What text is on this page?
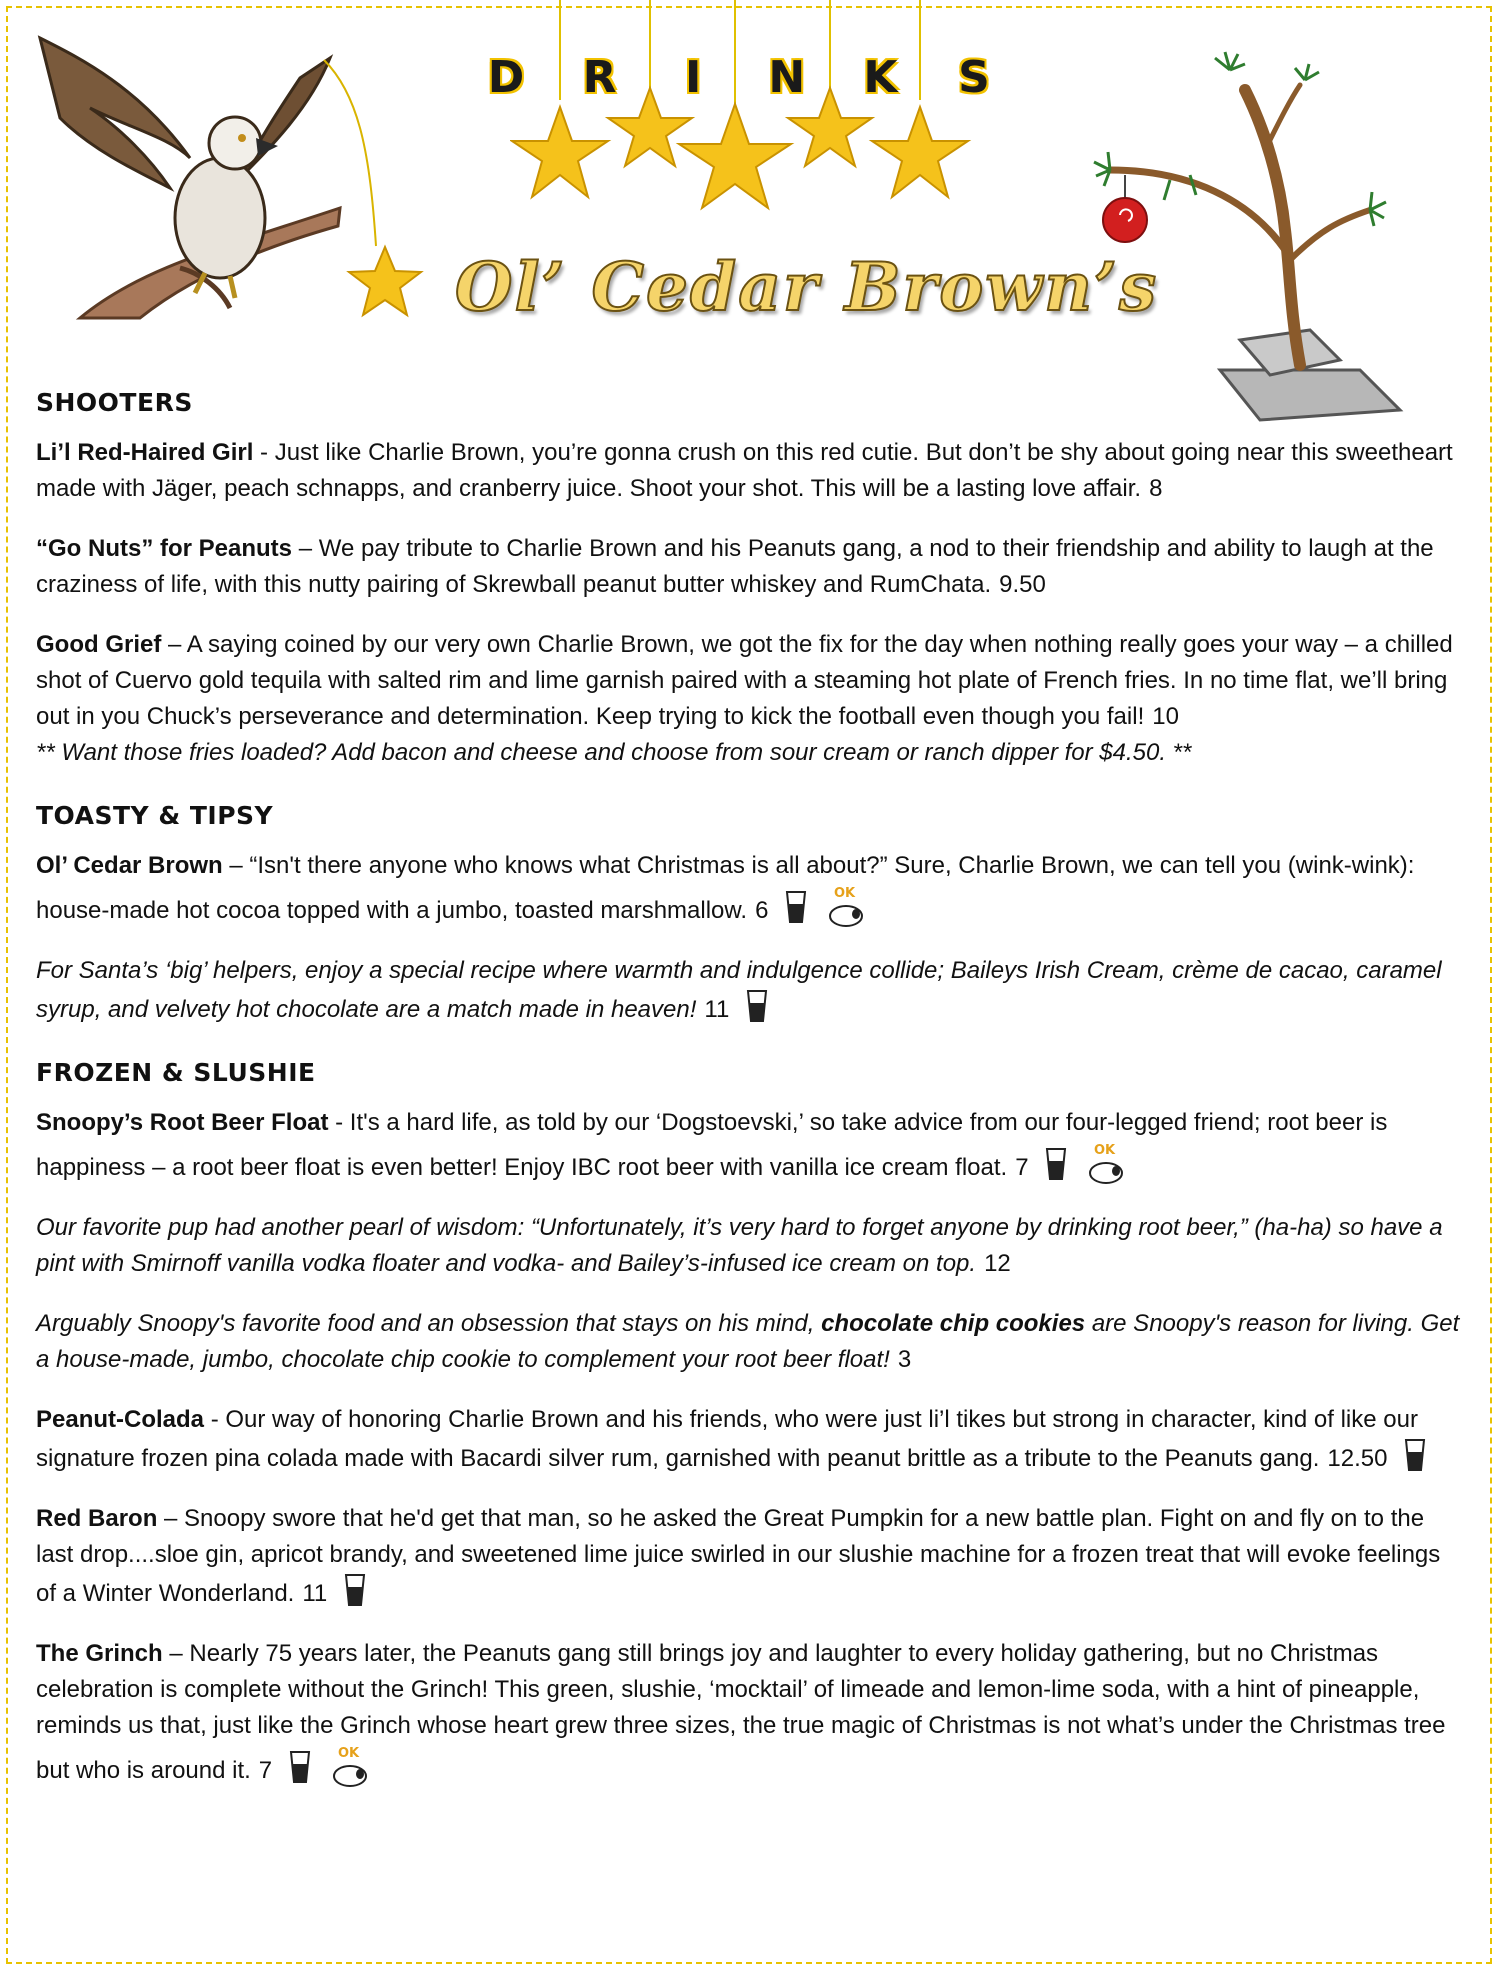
D R	I	N K S
Ol’ Cedar Brown’s
SHOOTERS

Li’l Red-Haired Girl - Just like Charlie Brown, you’re gonna crush on this red cutie. But don’t be shy about going near this sweetheart made with Jäger, peach schnapps, and cranberry juice. Shoot your shot. This will be a lasting love affair. 8

“Go Nuts” for Peanuts – We pay tribute to Charlie Brown and his Peanuts gang, a nod to their friendship and ability to laugh at the craziness of life, with this nutty pairing of Skrewball peanut butter whiskey and RumChata. 9.50

Good Grief – A saying coined by our very own Charlie Brown, we got the fix for the day when nothing really goes your way – a chilled shot of Cuervo gold tequila with salted rim and lime garnish paired with a steaming hot plate of French fries. In no time flat, we’ll bring out in you Chuck’s perseverance and determination. Keep trying to kick the football even though you fail! 10
** Want those fries loaded? Add bacon and cheese and choose from sour cream or ranch dipper for $4.50. **

TOASTY & TIPSY

Ol’ Cedar Brown – “Isn't there anyone who knows what Christmas is all about?” Sure, Charlie Brown, we can tell you (wink-wink): house-made hot cocoa topped with a jumbo, toasted marshmallow. 6
OK

For Santa’s ‘big’ helpers, enjoy a special recipe where warmth and indulgence collide; Baileys Irish Cream, crème de cacao, caramel syrup, and velvety hot chocolate are a match made in heaven! 11

FROZEN & SLUSHIE

Snoopy’s Root Beer Float - It's a hard life, as told by our ‘Dogstoevski,’ so take advice from our four-legged friend; root beer is happiness – a root beer float is even better! Enjoy IBC root beer with vanilla ice cream float. 7
OK

Our favorite pup had another pearl of wisdom: “Unfortunately, it’s very hard to forget anyone by drinking root beer,” (ha-ha) so have a pint with Smirnoff vanilla vodka floater and vodka- and Bailey’s-infused ice cream on top. 12

Arguably Snoopy's favorite food and an obsession that stays on his mind, chocolate chip cookies are Snoopy's reason for living. Get a house-made, jumbo, chocolate chip cookie to complement your root beer float! 3

Peanut-Colada - Our way of honoring Charlie Brown and his friends, who were just li’l tikes but strong in character, kind of like our signature frozen pina colada made with Bacardi silver rum, garnished with peanut brittle as a tribute to the Peanuts gang. 12.50

Red Baron – Snoopy swore that he'd get that man, so he asked the Great Pumpkin for a new battle plan. Fight on and fly on to the last drop....sloe gin, apricot brandy, and sweetened lime juice swirled in our slushie machine for a frozen treat that will evoke feelings of a Winter Wonderland. 11

The Grinch – Nearly 75 years later, the Peanuts gang still brings joy and laughter to every holiday gathering, but no Christmas celebration is complete without the Grinch! This green, slushie, ‘mocktail’ of limeade and lemon-lime soda, with a hint of pineapple, reminds us that, just like the Grinch whose heart grew three sizes, the true magic of Christmas is not what’s under the Christmas tree but who is around it. 7
OK
